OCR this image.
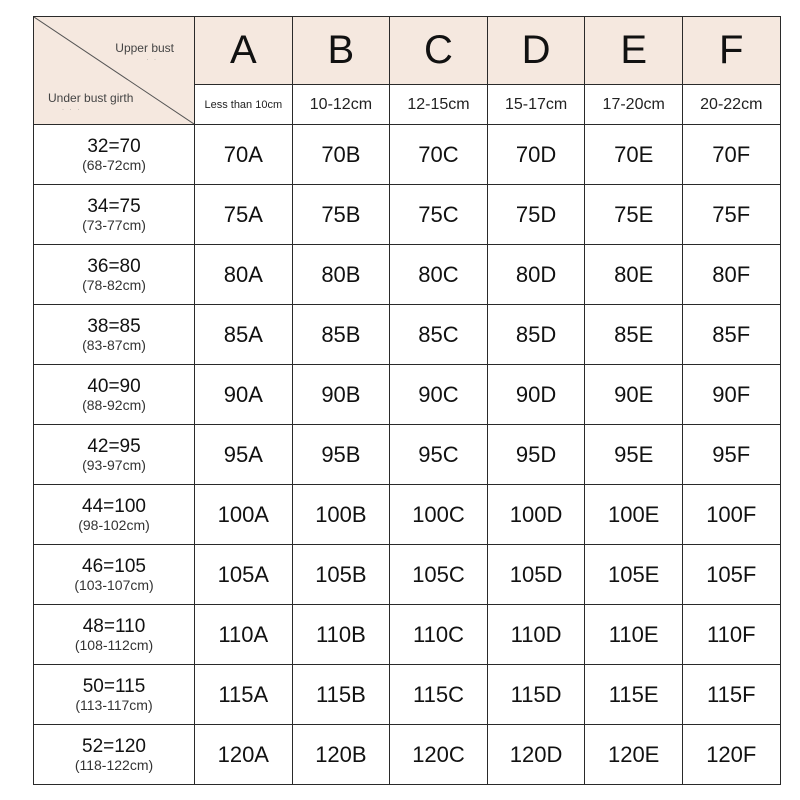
Upper bust
· ·
Under bust girth
· · ·	A	B	C	D	E	F
	Less than 10cm	10-12cm	12-15cm	15-17cm	17-20cm	20-22cm

32=70
(68-72cm)	70A	70B	70C	70D	70E	70F

34=75
(73-77cm)	75A	75B	75C	75D	75E	75F

36=80
(78-82cm)	80A	80B	80C	80D	80E	80F

38=85
(83-87cm)	85A	85B	85C	85D	85E	85F

40=90
(88-92cm)	90A	90B	90C	90D	90E	90F

42=95
(93-97cm)	95A	95B	95C	95D	95E	95F

44=100
(98-102cm)	100A	100B	100C	100D	100E	100F

46=105
(103-107cm)	105A	105B	105C	105D	105E	105F

48=110
(108-112cm)	110A	110B	110C	110D	110E	110F

50=115
(113-117cm)	115A	115B	115C	115D	115E	115F

52=120
(118-122cm)	120A	120B	120C	120D	120E	120F
